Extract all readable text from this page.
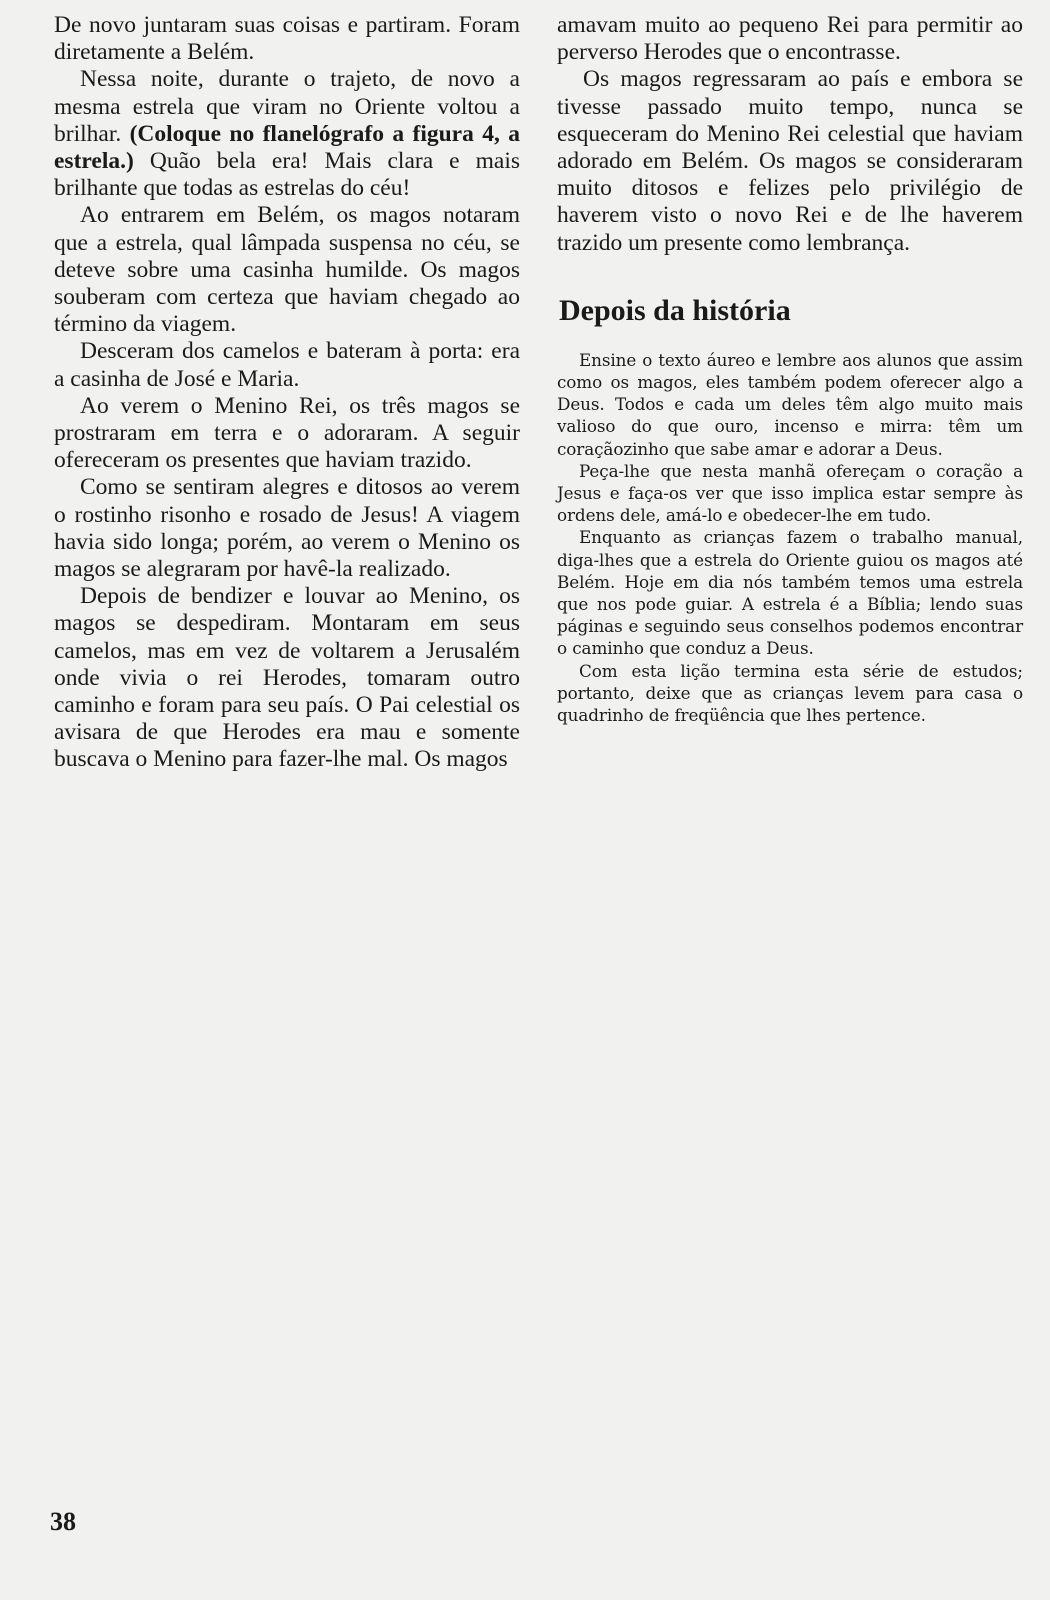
De novo juntaram suas coisas e partiram. Foram diretamente a Belém.

Nessa noite, durante o trajeto, de novo a mesma estrela que viram no Oriente voltou a brilhar. (Coloque no flanelógrafo a figura 4, a estrela.) Quão bela era! Mais clara e mais brilhante que todas as estrelas do céu!

Ao entrarem em Belém, os magos notaram que a estrela, qual lâmpada suspensa no céu, se deteve sobre uma casinha humilde. Os magos souberam com certeza que haviam chegado ao término da viagem.

Desceram dos camelos e bateram à porta: era a casinha de José e Maria.

Ao verem o Menino Rei, os três magos se prostraram em terra e o adoraram. A seguir ofereceram os presentes que haviam trazido.

Como se sentiram alegres e ditosos ao verem o rostinho risonho e rosado de Jesus! A viagem havia sido longa; porém, ao verem o Menino os magos se alegraram por havê-la realizado.

Depois de bendizer e louvar ao Menino, os magos se despediram. Montaram em seus camelos, mas em vez de voltarem a Jerusalém onde vivia o rei Herodes, tomaram outro caminho e foram para seu país. O Pai celestial os avisara de que Herodes era mau e somente buscava o Menino para fazer-lhe mal. Os magos

amavam muito ao pequeno Rei para permitir ao perverso Herodes que o encontrasse.

Os magos regressaram ao país e embora se tivesse passado muito tempo, nunca se esqueceram do Menino Rei celestial que haviam adorado em Belém. Os magos se consideraram muito ditosos e felizes pelo privilégio de haverem visto o novo Rei e de lhe haverem trazido um presente como lembrança.

Depois da história

Ensine o texto áureo e lembre aos alunos que assim como os magos, eles também podem oferecer algo a Deus. Todos e cada um deles têm algo muito mais valioso do que ouro, incenso e mirra: têm um coraçãozinho que sabe amar e adorar a Deus.

Peça-lhe que nesta manhã ofereçam o coração a Jesus e faça-os ver que isso implica estar sempre às ordens dele, amá-lo e obedecer-lhe em tudo.

Enquanto as crianças fazem o trabalho manual, diga-lhes que a estrela do Oriente guiou os magos até Belém. Hoje em dia nós também temos uma estrela que nos pode guiar. A estrela é a Bíblia; lendo suas páginas e seguindo seus conselhos podemos encontrar o caminho que conduz a Deus.

Com esta lição termina esta série de estudos; portanto, deixe que as crianças levem para casa o quadrinho de freqüência que lhes pertence.

38
